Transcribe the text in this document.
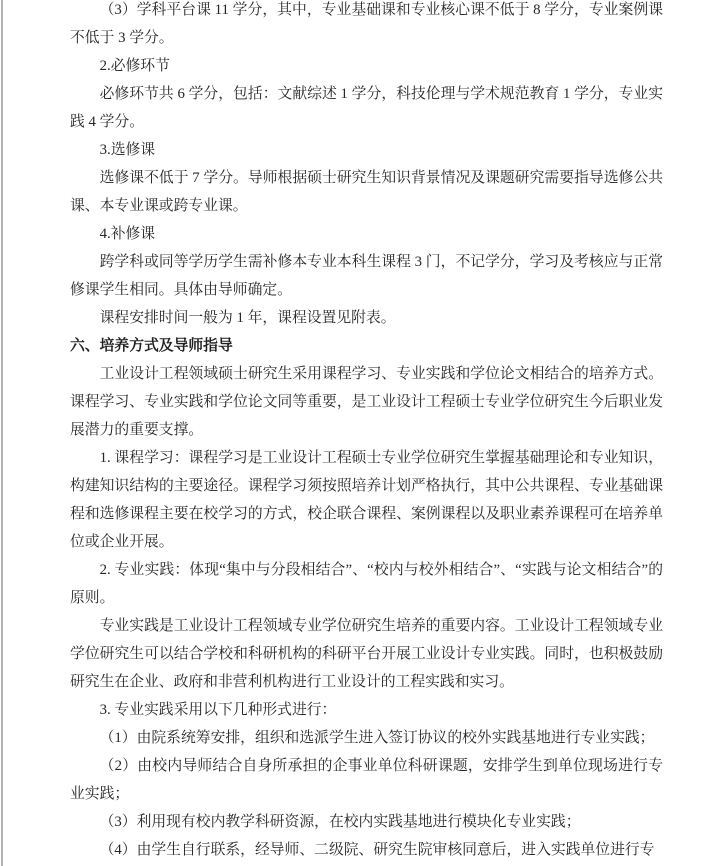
（3）学科平台课 11 学分，其中，专业基础课和专业核心课不低于 8 学分，专业案例课不低于 3 学分。

2.必修环节

必修环节共 6 学分，包括：文献综述 1 学分，科技伦理与学术规范教育 1 学分，专业实践 4 学分。

3.选修课

选修课不低于 7 学分。导师根据硕士研究生知识背景情况及课题研究需要指导选修公共课、本专业课或跨专业课。

4.补修课

跨学科或同等学历学生需补修本专业本科生课程 3 门，不记学分，学习及考核应与正常修课学生相同。具体由导师确定。

课程安排时间一般为 1 年，课程设置见附表。

六、培养方式及导师指导

工业设计工程领域硕士研究生采用课程学习、专业实践和学位论文相结合的培养方式。课程学习、专业实践和学位论文同等重要，是工业设计工程硕士专业学位研究生今后职业发展潜力的重要支撑。

1. 课程学习：课程学习是工业设计工程硕士专业学位研究生掌握基础理论和专业知识，构建知识结构的主要途径。课程学习须按照培养计划严格执行，其中公共课程、专业基础课程和选修课程主要在校学习的方式，校企联合课程、案例课程以及职业素养课程可在培养单位或企业开展。

2. 专业实践：体现“集中与分段相结合”、“校内与校外相结合”、“实践与论文相结合”的原则。

专业实践是工业设计工程领域专业学位研究生培养的重要内容。工业设计工程领域专业学位研究生可以结合学校和科研机构的科研平台开展工业设计专业实践。同时，也积极鼓励研究生在企业、政府和非营利机构进行工业设计的工程实践和实习。

3. 专业实践采用以下几种形式进行：

（1）由院系统筹安排，组织和选派学生进入签订协议的校外实践基地进行专业实践；

（2）由校内导师结合自身所承担的企事业单位科研课题，安排学生到单位现场进行专业实践；

（3）利用现有校内教学科研资源，在校内实践基地进行模块化专业实践；

（4）由学生自行联系，经导师、二级院、研究生院审核同意后，进入实践单位进行专
